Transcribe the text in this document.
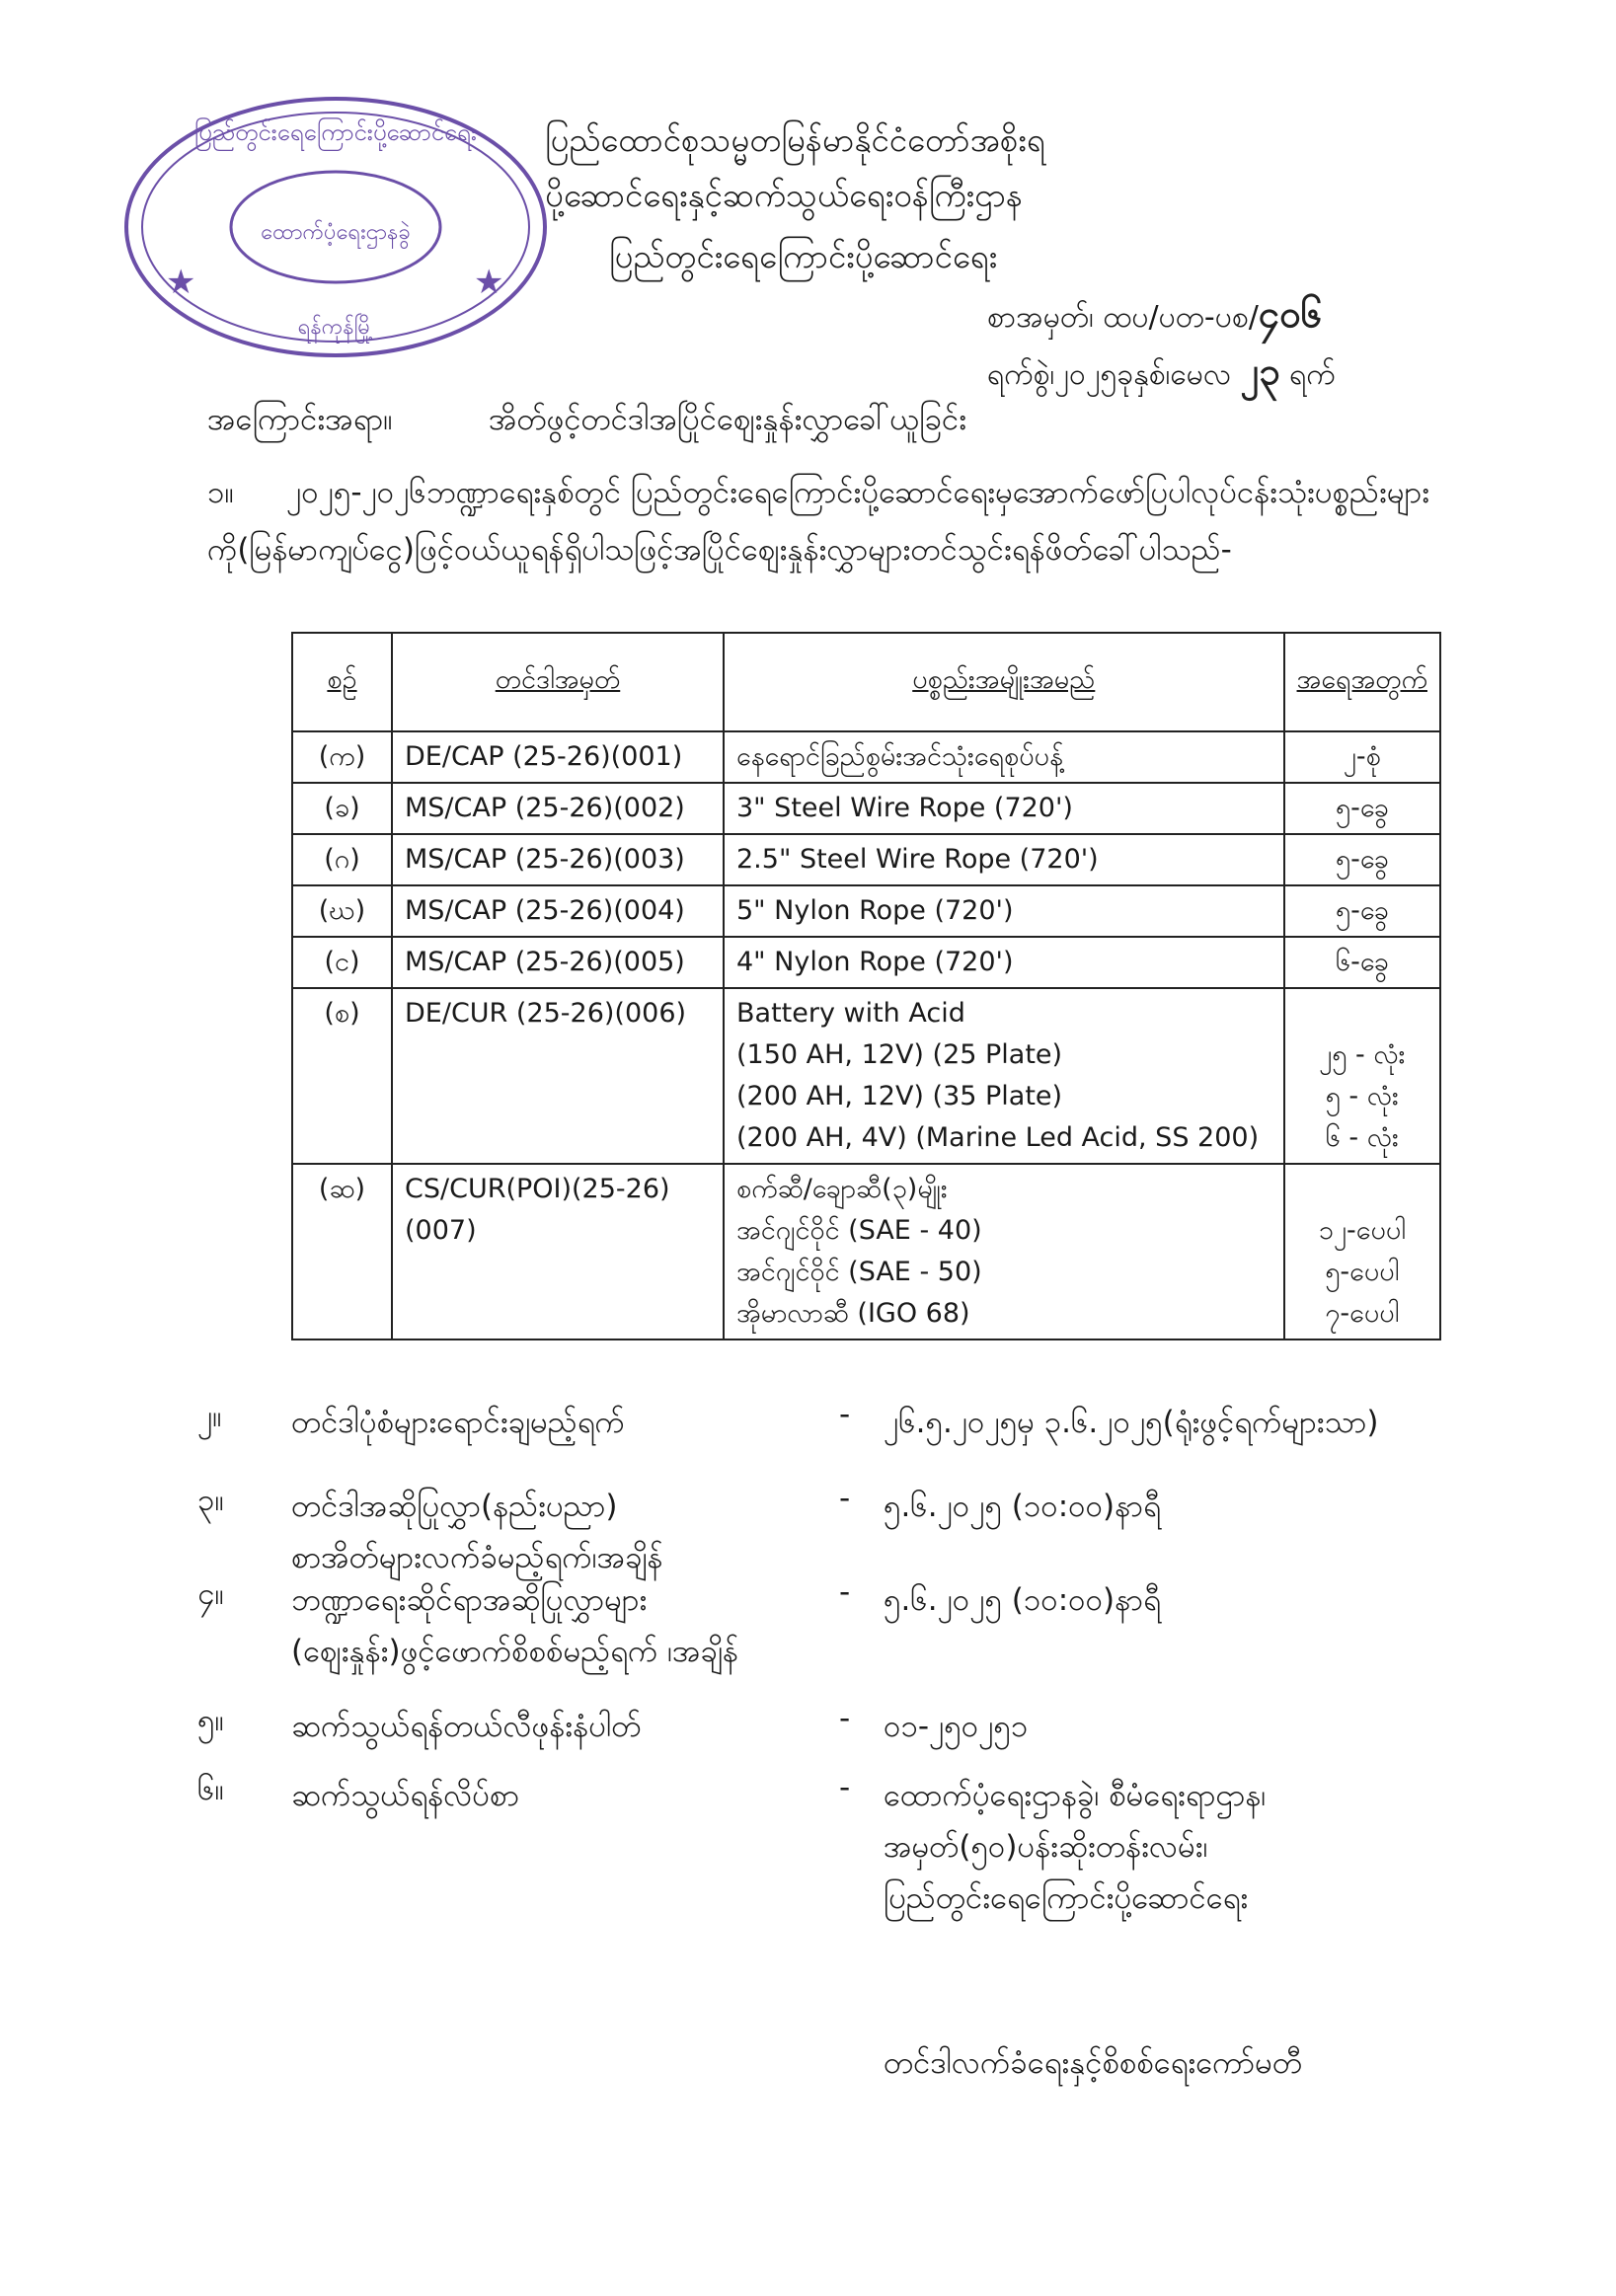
ထောက်ပံ့ရေးဌာနခွဲ
ပြည်တွင်းရေကြောင်းပို့ဆောင်ရေး
ရန်ကုန်မြို့
★	★
ပြည်ထောင်စုသမ္မတမြန်မာနိုင်ငံတော်အစိုးရ
ပို့ဆောင်ရေးနှင့်ဆက်သွယ်ရေးဝန်ကြီးဌာန
ပြည်တွင်းရေကြောင်းပို့ဆောင်ရေး
စာအမှတ်၊ ထပ/ပတ-ပစ/၄၀၆
ရက်စွဲ၊၂၀၂၅ခုနှစ်၊မေလ ၂၃ ရက်
အကြောင်းအရာ။	အိတ်ဖွင့်တင်ဒါအပြိုင်ဈေးနှုန်းလွှာခေါ်ယူခြင်း
၁။ ၂၀၂၅-၂၀၂၆ဘဏ္ဍာရေးနှစ်တွင် ပြည်တွင်းရေကြောင်းပို့ဆောင်ရေးမှအောက်ဖော်ပြပါလုပ်ငန်းသုံးပစ္စည်းများကို(မြန်မာကျပ်ငွေ)ဖြင့်ဝယ်ယူရန်ရှိပါသဖြင့်အပြိုင်ဈေးနှုန်းလွှာများတင်သွင်းရန်ဖိတ်ခေါ်ပါသည်-
စဉ်	တင်ဒါအမှတ်	ပစ္စည်းအမျိုးအမည်	အရေအတွက်

(က)	DE/CAP (25-26)(001)	နေရောင်ခြည်စွမ်းအင်သုံးရေစုပ်ပန့်	၂-စုံ

(ခ)	MS/CAP (25-26)(002)	3" Steel Wire Rope (720')	၅-ခွေ

(ဂ)	MS/CAP (25-26)(003)	2.5" Steel Wire Rope (720')	၅-ခွေ

(ဃ)	MS/CAP (25-26)(004)	5" Nylon Rope (720')	၅-ခွေ

(င)	MS/CAP (25-26)(005)	4" Nylon Rope (720')	၆-ခွေ

(စ)	DE/CUR (25-26)(006)	Battery with Acid
(150 AH, 12V) (25 Plate)
(200 AH, 12V) (35 Plate)
(200 AH, 4V) (Marine Led Acid, SS 200)	၂၅ - လုံး
၅ - လုံး
၆ - လုံး

(ဆ)	CS/CUR(POI)(25-26)(007)	စက်ဆီ/ချောဆီ(၃)မျိုး
အင်ဂျင်ဝိုင် (SAE - 40)
အင်ဂျင်ဝိုင် (SAE - 50)
အိုမာလာဆီ (IGO 68)	၁၂-ပေပါ
၅-ပေပါ
၇-ပေပါ
၂။	တင်ဒါပုံစံများရောင်းချမည့်ရက်	- ၂၆.၅.၂၀၂၅မှ ၃.၆.၂၀၂၅(ရုံးဖွင့်ရက်များသာ)
၃။	တင်ဒါအဆိုပြုလွှာ(နည်းပညာ)
စာအိတ်များလက်ခံမည့်ရက်၊အချိန်
- ၅.၆.၂၀၂၅ (၁၀:၀၀)နာရီ
၄။	ဘဏ္ဍာရေးဆိုင်ရာအဆိုပြုလွှာများ
(ဈေးနှုန်း)ဖွင့်ဖောက်စိစစ်မည့်ရက် ၊အချိန်
- ၅.၆.၂၀၂၅ (၁၀:၀၀)နာရီ
၅။	ဆက်သွယ်ရန်တယ်လီဖုန်းနံပါတ်	- ၀၁-၂၅၀၂၅၁
၆။	ဆက်သွယ်ရန်လိပ်စာ	- ထောက်ပံ့ရေးဌာနခွဲ၊ စီမံရေးရာဌာန၊
အမှတ်(၅၀)ပန်းဆိုးတန်းလမ်း၊
ပြည်တွင်းရေကြောင်းပို့ဆောင်ရေး
တင်ဒါလက်ခံရေးနှင့်စိစစ်ရေးကော်မတီ
